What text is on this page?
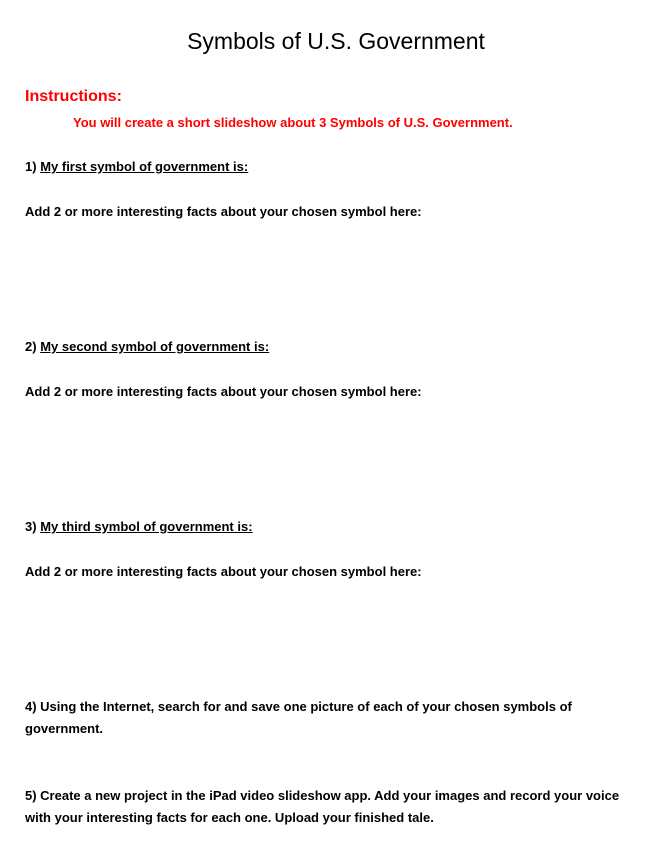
Symbols of U.S. Government
Instructions:
You will create a short slideshow about 3 Symbols of U.S. Government.
1) My first symbol of government is:
Add 2 or more interesting facts about your chosen symbol here:
2) My second symbol of government is:
Add 2 or more interesting facts about your chosen symbol here:
3) My third symbol of government is:
Add 2 or more interesting facts about your chosen symbol here:
4) Using the Internet, search for and save one picture of each of your chosen symbols of government.
5) Create a new project in the iPad video slideshow app. Add your images and record your voice with your interesting facts for each one. Upload your finished tale.
